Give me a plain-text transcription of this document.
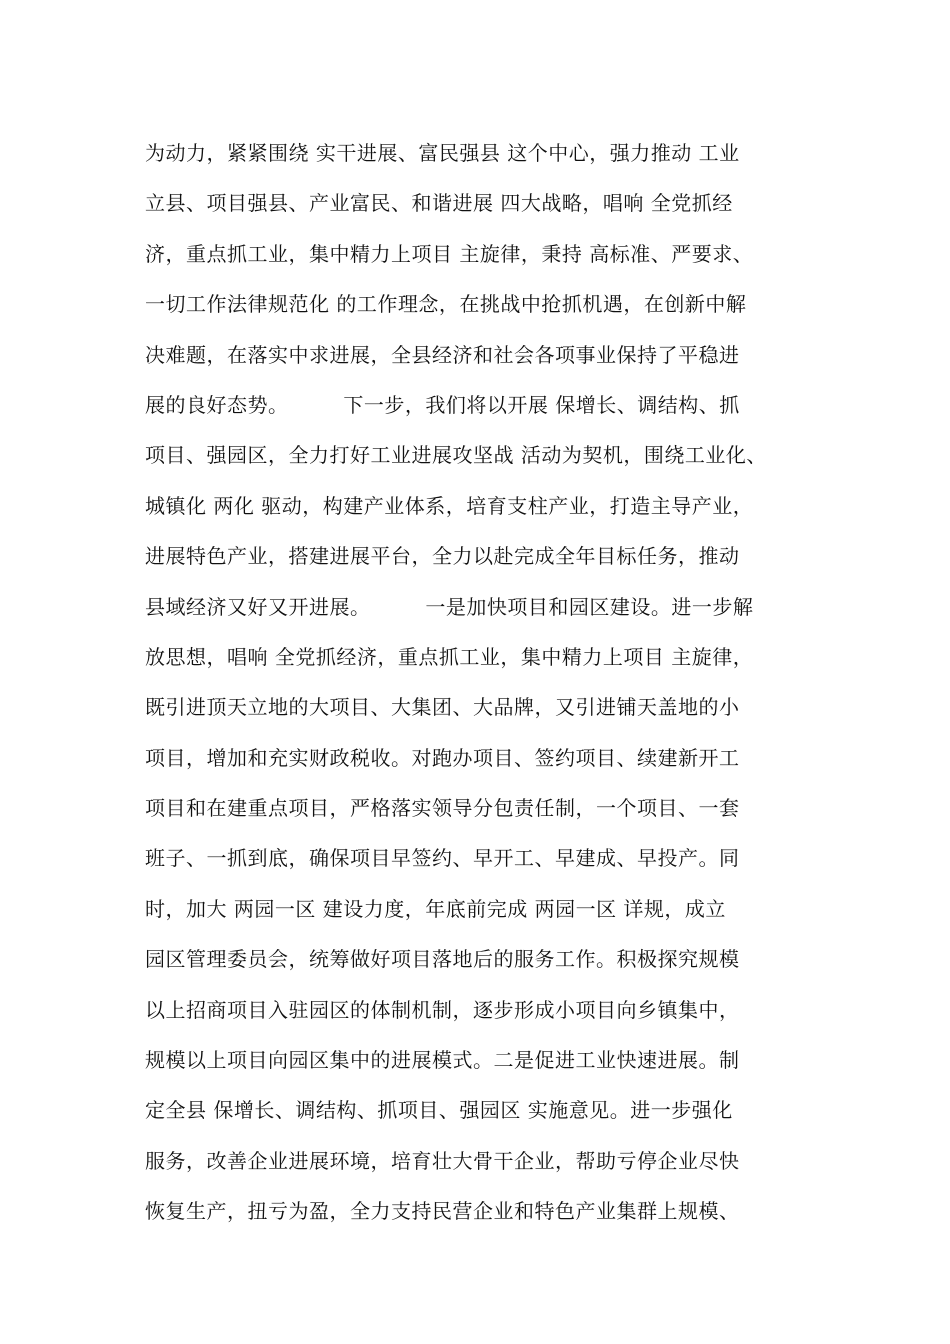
为动力，紧紧围绕 实干进展、富民强县 这个中心，强力推动 工业
立县、项目强县、产业富民、和谐进展 四大战略，唱响 全党抓经
济，重点抓工业，集中精力上项目 主旋律，秉持 高标准、严要求、
一切工作法律规范化 的工作理念，在挑战中抢抓机遇，在创新中解
决难题，在落实中求进展，全县经济和社会各项事业保持了平稳进
展的良好态势。        下一步，我们将以开展 保增长、调结构、抓
项目、强园区，全力打好工业进展攻坚战 活动为契机，围绕工业化、
城镇化 两化 驱动，构建产业体系，培育支柱产业，打造主导产业，
进展特色产业，搭建进展平台，全力以赴完成全年目标任务，推动
县域经济又好又开进展。        一是加快项目和园区建设。进一步解
放思想，唱响 全党抓经济，重点抓工业，集中精力上项目 主旋律，
既引进顶天立地的大项目、大集团、大品牌，又引进铺天盖地的小
项目，增加和充实财政税收。对跑办项目、签约项目、续建新开工
项目和在建重点项目，严格落实领导分包责任制，一个项目、一套
班子、一抓到底，确保项目早签约、早开工、早建成、早投产。同
时，加大 两园一区 建设力度，年底前完成 两园一区 详规，成立
园区管理委员会，统筹做好项目落地后的服务工作。积极探究规模
以上招商项目入驻园区的体制机制，逐步形成小项目向乡镇集中，
规模以上项目向园区集中的进展模式。二是促进工业快速进展。制
定全县 保增长、调结构、抓项目、强园区 实施意见。进一步强化
服务，改善企业进展环境，培育壮大骨干企业，帮助亏停企业尽快
恢复生产，扭亏为盈，全力支持民营企业和特色产业集群上规模、
